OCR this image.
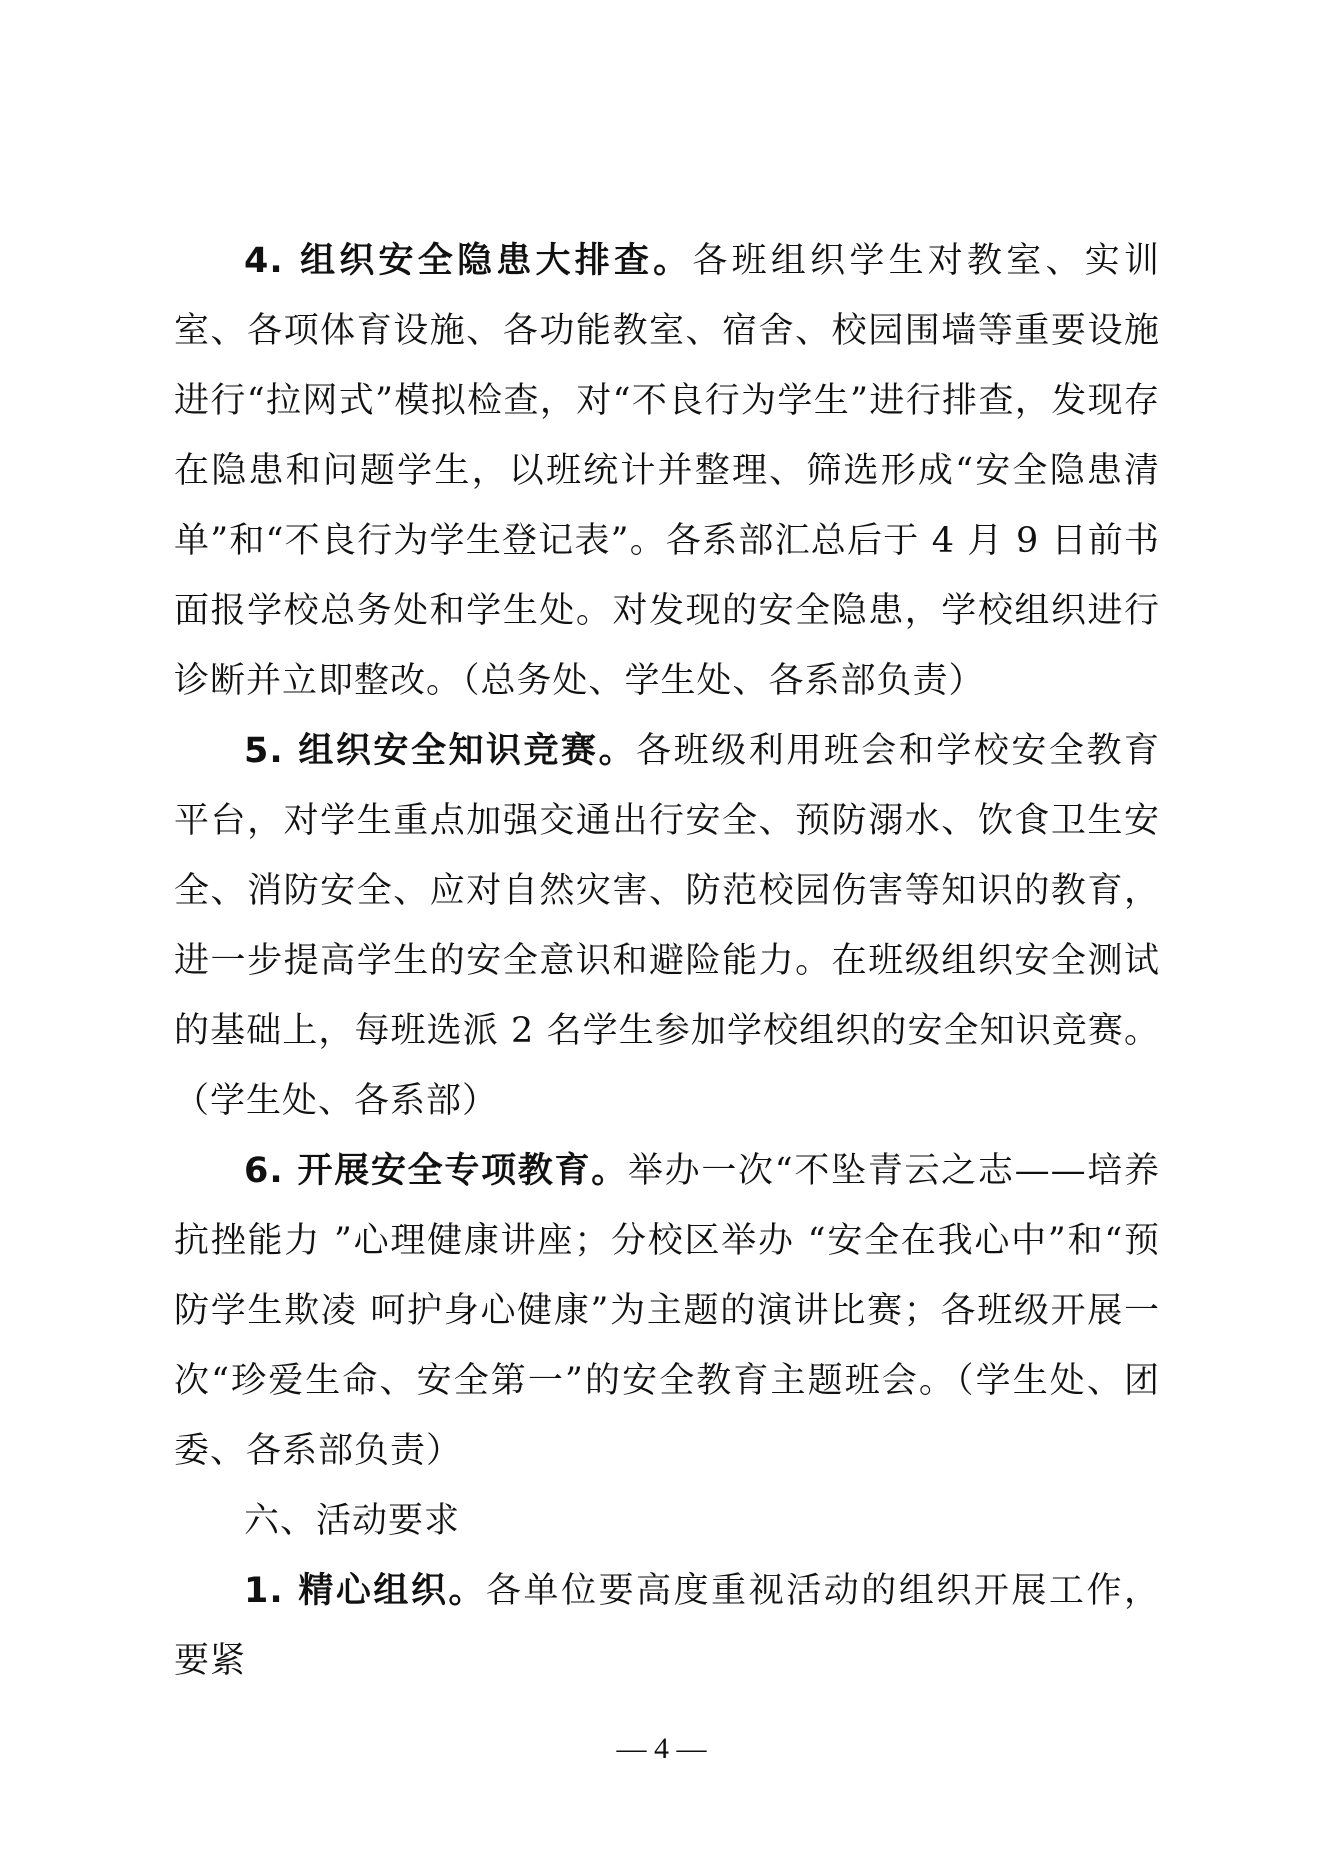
4. 组织安全隐患大排查。各班组织学生对教室、实训室、各项体育设施、各功能教室、宿舍、校园围墙等重要设施进行“拉网式”模拟检查，对“不良行为学生”进行排查，发现存在隐患和问题学生，以班统计并整理、筛选形成“安全隐患清单”和“不良行为学生登记表”。各系部汇总后于 4 月 9 日前书面报学校总务处和学生处。对发现的安全隐患，学校组织进行诊断并立即整改。（总务处、学生处、各系部负责）

5. 组织安全知识竞赛。各班级利用班会和学校安全教育平台，对学生重点加强交通出行安全、预防溺水、饮食卫生安全、消防安全、应对自然灾害、防范校园伤害等知识的教育，进一步提高学生的安全意识和避险能力。在班级组织安全测试的基础上，每班选派 2 名学生参加学校组织的安全知识竞赛。（学生处、各系部）

6. 开展安全专项教育。举办一次“不坠青云之志——培养抗挫能力 ”心理健康讲座；分校区举办 “安全在我心中”和“预防学生欺凌 呵护身心健康”为主题的演讲比赛；各班级开展一次“珍爱生命、安全第一”的安全教育主题班会。（学生处、团委、各系部负责）

六、活动要求

1. 精心组织。各单位要高度重视活动的组织开展工作，要紧

— 4 —
